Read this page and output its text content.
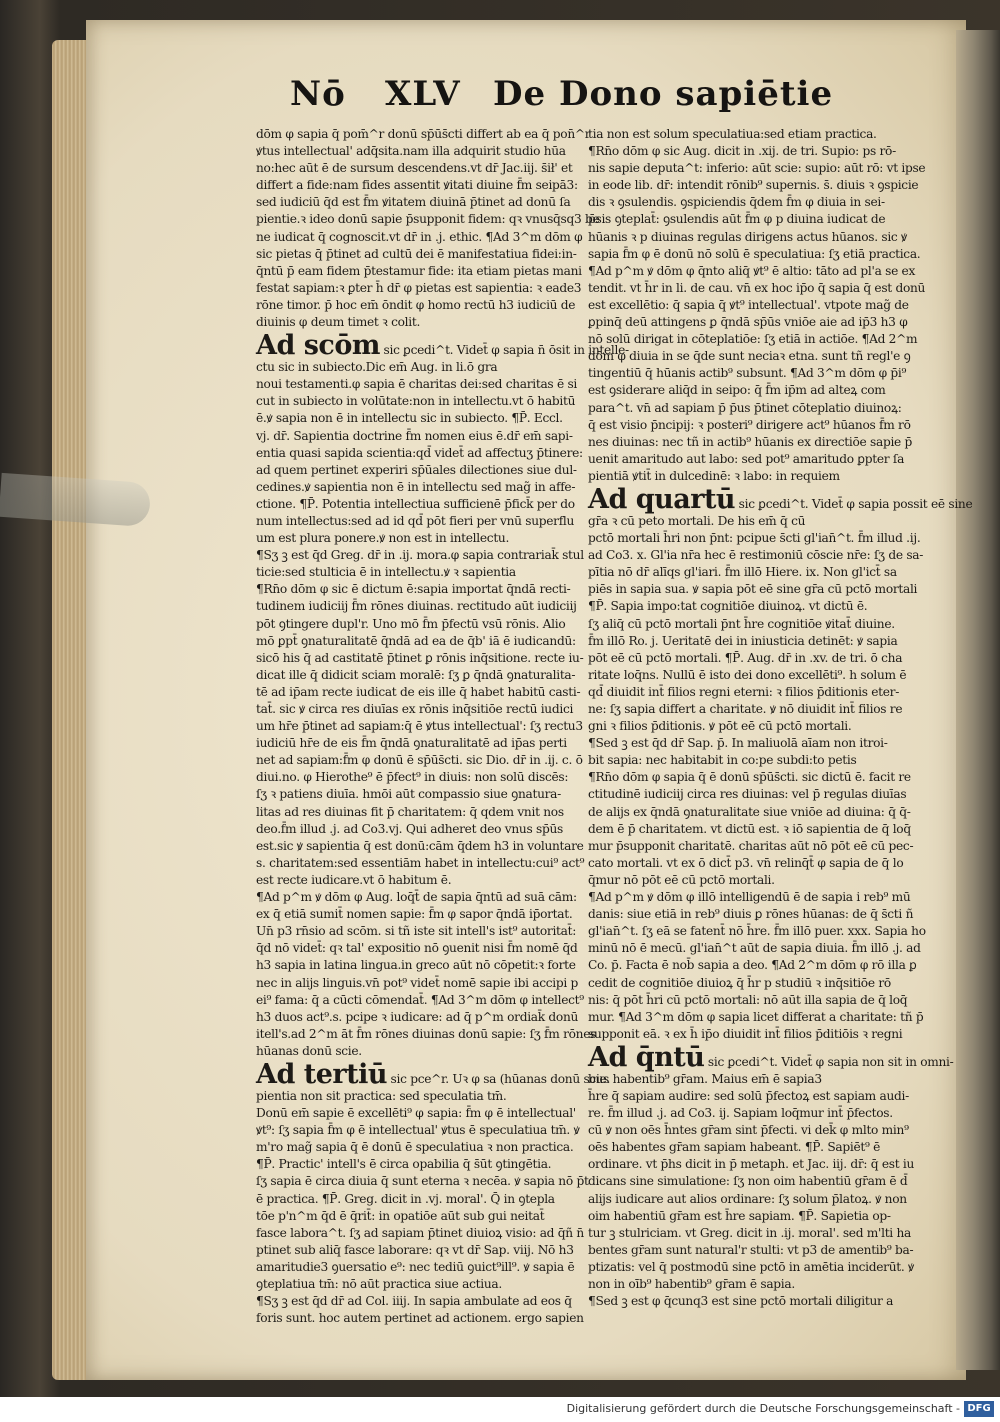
Nō XLV De Dono sapiētie
dōm φ sapia q̄ pom̄^r donū sp̄ūs̄cti differt ab ea q̄ pon̄^r
ꝟtus intellectual' adq̄sita.nam illa adquirit studio hūa
no:hec aūt ē de sursum descendens.vt dr̄ Jac.iij. s̄ił' et
differt a fide:nam fides assentit ꝟitati diuine f̄m seipā3:
sed iudiciū q̄d est f̄m ꝟitatem diuinā p̄tinet ad donū ſa
pientie.ꝛ ideo donū sapie p̄supponit fidem: qꝛ vnusq̄sq3 be
ne iudicat q̄ cognoscit.vt dr̄ in .j. ethic. ¶Ad 3^m dōm φ
sic pietas q̄ p̄tinet ad cultū dei ē manifestatiua fidei:in-
q̄ntū p̄ eam fidem p̄testamur fide: ita etiam pietas mani
festat sapiam:ꝛ ꝑter h̄ dr̄ φ pietas est sapientia: ꝛ eade3
rōne timor. p̄ hoc em̄ ōndit φ homo rectū h3 iudiciū de
diuinis φ deum timet ꝛ colit.
Ad scōm sic ꝑcedi^t. Videt̄ φ sapia n̄ ōsit in intelle-
ctu sic in subiecto.Dic em̄ Aug. in li.ō gra
noui testamenti.φ sapia ē charitas dei:sed charitas ē si
cut in subiecto in volūtate:non in intellectu.vt ō habitū
ē.ꝟ sapia non ē in intellectu sic in subiecto. ¶P̄. Eccl.
vj. dr̄. Sapientia doctrine f̄m nomen eius ē.dr̄ em̄ sapi-
entia quasi sapida scientia:qd̄ videt̄ ad affectuʒ p̄tinere:
ad quem pertinet experiri sp̄ūales dilectiones siue dul-
cedines.ꝟ sapientia non ē in intellectu sed mag̃ in affe-
ctione. ¶P̄. Potentia intellectiua sufficienē p̄fick̄ per do
num intellectus:sed ad id qd̄ pōt fieri per vnū superflu
um est plura ponere.ꝟ non est in intellectu.
¶Sʒ ꝫ est q̄d Greg. dr̄ in .ij. mora.φ sapia contrariak̄ stul
ticie:sed stulticia ē in intellectu.ꝟ ꝛ sapientia
¶Rn̄o dōm φ sic ē dictum ē:sapia importat q̄ndā recti-
tudinem iudiciij f̄m rōnes diuinas. rectitudo aūt iudiciij
pōt ꝯtingere dupl'r. Uno mō f̄m p̄fectū vsū rōnis. Alio
mō ꝑpt̄ ꝯnaturalitatē q̄ndā ad ea de q̄b' iā ē iudicandū:
sicō his q̄ ad castitatē p̄tinet ꝑ rōnis inq̄sitione. recte iu-
dicat ille q̄ didicit sciam moralē: ſʒ ꝑ q̄ndā ꝯnaturalita-
tē ad ip̄am recte iudicat de eis ille q̄ habet habitū casti-
tat̄. sic ꝟ circa res diuīas ex rōnis inq̄sitiōe rectū iudici
um hr̄e p̄tinet ad sapiam:q̄ ē ꝟtus intellectual': ſʒ rectu3
iudiciū hr̄e de eis f̄m q̄ndā ꝯnaturalitatē ad ip̄as perti
net ad sapiam:f̄m φ donū ē sp̄ūs̄cti. sic Dio. dr̄ in .ij. c. ō
diui.no. φ Hierothe⁹ ē p̄fect⁹ in diuis: non solū discēs:
ſʒ ꝛ patiens diuīa. hmōi aūt compassio siue ꝯnatura-
litas ad res diuinas fit p̄ charitatem: q̄ qdem vnit nos
deo.f̄m illud .j. ad Co3.vj. Qui adheret deo vnus sp̄ūs
est.sic ꝟ sapientia q̄ est donū:cām q̄dem h3 in voluntare
s. charitatem:sed essentiām habet in intellectu:cui⁹ act⁹
est recte iudicare.vt ō habitum ē.
¶Ad p^m ꝟ dōm φ Aug. loq̄t̄ de sapia q̄ntū ad suā cām:
ex q̄ etiā sumit̄ nomen sapie: f̄m φ sapor q̄ndā ip̄ortat.
Un̄ p3 rn̄sio ad scōm. si tñ iste sit intell's ist⁹ autoritat̄:
q̄d nō videt̄: qꝛ tal' expositio nō ꝯuenit nisi f̄m nomē q̄d
h3 sapia in latina lingua.in greco aūt nō cōpetit:ꝛ forte
nec in alijs linguis.vn̄ pot⁹ videt̄ nomē sapie ibi accipi p
ei⁹ fama: q̄ a cūcti cōmendat̄. ¶Ad 3^m dōm φ intellect⁹
h3 duos act⁹.s. pcipe ꝛ iudicare: ad q̄ p^m ordiak̄ donū
itell's.ad 2^m āt f̄m rōnes diuinas donū sapie: ſʒ f̄m rōnes
hūanas donū scie.
Ad tertiū sic pce^r. Uꝛ φ sa (hūanas donū scie.
pientia non sit practica: sed speculatia tm̄.
Donū em̄ sapie ē excellēti⁹ φ sapia: f̄m φ ē intellectual'
ꝟt⁹: ſʒ sapia f̄m φ ē intellectual' ꝟtus ē speculatiua tm̄. ꝟ
m'ro mag̃ sapia q̄ ē donū ē speculatiua ꝛ non practica.
¶P̄. Practic' intell's ē circa opabilia q̄ s̄ūt ꝯtingētia.
ſʒ sapia ē circa diuia q̄ sunt eterna ꝛ necēa. ꝟ sapia nō p̄t
ē practica. ¶P̄. Greg. dicit in .vj. moral'. Q̄ in ꝯtepla
tōe p'n^m q̄d ē q̄rit̄: in opatiōe aūt sub gui neitat̄
fasce labora^t. ſʒ ad sapiam p̄tinet diuioꝝ visio: ad q̄ñ n̄
ptinet sub aliq̄ fasce laborare: qꝛ vt dr̄ Sap. viij. Nō h3
amaritudie3 ꝯuersatio e⁹: nec tediū ꝯuict⁹ill⁹. ꝟ sapia ē
ꝯteplatiua tm̄: nō aūt practica siue actiua.
¶Sʒ ꝫ est q̄d dr̄ ad Col. iiij. In sapia ambulate ad eos q̄
foris sunt. hoc autem pertinet ad actionem. ergo sapien
tia non est solum speculatiua:sed etiam practica.
¶Rn̄o dōm φ sic Aug. dicit in .xij. de tri. Supio: ps rō-
nis sapie deputa^t: inferio: aūt scie: supio: aūt rō: vt ipse
in eode lib. dr̄: intendit rōnib⁹ supernis. s̄. diuis ꝛ ꝯspicie
dis ꝛ ꝯsulendis. ꝯspiciendis q̄dem f̄m φ diuia in sei-
p̄sis ꝯteplat̄: ꝯsulendis aūt f̄m φ p diuina iudicat de
hūanis ꝛ p diuinas regulas dirigens actus hūanos. sic ꝟ
sapia f̄m φ ē donū nō solū ē speculatiua: ſʒ etiā practica.
¶Ad p^m ꝟ dōm φ q̄nto aliq̄ ꝟt⁹ ē altio: tāto ad pl'a se ex
tendit. vt h̄r in li. de cau. vn̄ ex hoc ip̄o q̄ sapia q̄ est donū
est excellētio: q̄ sapia q̄ ꝟt⁹ intellectual'. vtpote mag̃ de
ꝑpinq̄ deū attingens ꝑ q̄ndā sp̄ūs vniōe aie ad ip̄3 h3 φ
nō solū dirigat in cōteplatiōe: ſʒ etiā in actiōe. ¶Ad 2^m
dōm φ diuia in se q̄de sunt neciaꝛ etna. sunt tñ regl'e ꝯ
tingentiū q̄ hūanis actib⁹ subsunt. ¶Ad 3^m dōm φ p̄i⁹
est ꝯsiderare aliq̄d in seipo: q̄ f̄m ip̄m ad alteꝝ com
para^t. vn̄ ad sapiam p̄ p̄us p̄tinet cōteplatio diuinoꝝ:
q̄ est visio p̄ncipij: ꝛ posteri⁹ dirigere act⁹ hūanos f̄m rō
nes diuinas: nec tñ in actib⁹ hūanis ex directiōe sapie p̄
uenit amaritudo aut labo: sed pot⁹ amaritudo ꝑpter ſa
pientiā ꝟtit̄ in dulcedinē: ꝛ labo: in requiem
Ad quartū sic ꝑcedi^t. Videt̄ φ sapia possit eē sine
gr̄a ꝛ cū peto mortali. De his em̄ q̄ cū
pctō mortali h̄ri non p̄nt: pcipue s̄cti gl'ian̄^t. f̄m illud .ij.
ad Co3. x. Gl'ia nr̄a hec ē restimoniū cōscie nr̄e: ſʒ de sa-
pītia nō dr̄ alīqs gl'iari. f̄m illō Hiere. ix. Non gl'ict̄ sa
piēs in sapia sua. ꝟ sapia pōt eē sine gr̄a cū pctō mortali
¶P̄. Sapia impo:tat cognitiōe diuinoꝝ. vt dictū ē.
ſʒ aliq̄ cū pctō mortali p̄nt h̄re cognitiōe ꝟitat̄ diuine.
f̄m illō Ro. j. Ueritatē dei in iniusticia detinēt: ꝟ sapia
pōt eē cū pctō mortali. ¶P̄. Aug. dr̄ in .xv. de tri. ō cha
ritate loq̄ns. Nullū ē isto dei dono excellēti⁹. h solum ē
qd̄ diuidit int̄ filios regni eterni: ꝛ filios p̄ditionis eter-
ne: ſʒ sapia differt a charitate. ꝟ nō diuidit int̄ filios re
gni ꝛ filios p̄ditionis. ꝟ pōt eē cū pctō mortali.
¶Sed ꝫ est q̄d dr̄ Sap. p̄. In maliuolā aīam non itroi-
bit sapia: nec habitabit in co:pe subdi:to petis
¶Rn̄o dōm φ sapia q̄ ē donū sp̄ūs̄cti. sic dictū ē. facit re
ctitudinē iudiciij circa res diuinas: vel p̄ regulas diuīas
de alijs ex q̄ndā ꝯnaturalitate siue vniōe ad diuina: q̄ q̄-
dem ē p̄ charitatem. vt dictū est. ꝛ iō sapientia de q̄ loq̄
mur p̄supponit charitatē. charitas aūt nō pōt eē cū pec-
cato mortali. vt ex ō dict̄ p3. vn̄ relinq̄t̄ φ sapia de q̄ lo
q̄mur nō pōt eē cū pctō mortali.
¶Ad p^m ꝟ dōm φ illō intelligendū ē de sapia i reb⁹ mū
danis: siue etiā in reb⁹ diuis ꝑ rōnes hūanas: de q̄ s̄cti ñ
gl'ian̄^t. ſʒ eā se fatent̄ nō h̄re. f̄m illō puer. xxx. Sapia ho
minū nō ē mecū. gl'ian̄^t aūt de sapia diuia. f̄m illō .j. ad
Co. p̄. Facta ē nob̄ sapia a deo. ¶Ad 2^m dōm φ rō illa ꝑ
cedit de cognitiōe diuioꝝ q̄ h̄r p studiū ꝛ inq̄sitiōe rō
nis: q̄ pōt h̄ri cū pctō mortali: nō aūt illa sapia de q̄ loq̄
mur. ¶Ad 3^m dōm φ sapia licet differat a charitate: tñ p̄
supponit eā. ꝛ ex h̄ ip̄o diuidit int̄ filios p̄ditiōis ꝛ regni
Ad q̄ntū sic ꝑcedi^t. Videt̄ φ sapia non sit in omni-
bus habentib⁹ gr̄am. Maius em̄ ē sapia3
h̄re q̄ sapiam audire: sed solū p̄fectoꝝ est sapiam audi-
re. f̄m illud .j. ad Co3. ij. Sapiam loq̄mur int̄ p̄fectos.
cū ꝟ non oēs h̄ntes gr̄am sint p̄fecti. vi dek̄ φ mlto min⁹
oēs habentes gr̄am sapiam habeant. ¶P̄. Sapiēt⁹ ē
ordinare. vt p̄hs dicit in p̄ metaph. et Jac. iij. dr̄: q̄ est iu
dicans sine simulatione: ſʒ non oim habentiū gr̄am ē d̄
alijs iudicare aut alios ordinare: ſʒ solum p̄latoꝝ. ꝟ non
oim habentiū gr̄am est h̄re sapiam. ¶P̄. Sapietia op-
tur ꝫ stulriciam. vt Greg. dicit in .ij. moral'. sed m'lti ha
bentes gr̄am sunt natural'r stulti: vt p3 de amentib⁹ ba-
ptizatis: vel q̄ postmodū sine pctō in amētia inciderūt. ꝟ
non in oīb⁹ habentib⁹ gr̄am ē sapia.
¶Sed ꝫ est φ q̄cunq3 est sine pctō mortali diligitur a
Digitalisierung gefördert durch die Deutsche Forschungsgemeinschaft - DFG
